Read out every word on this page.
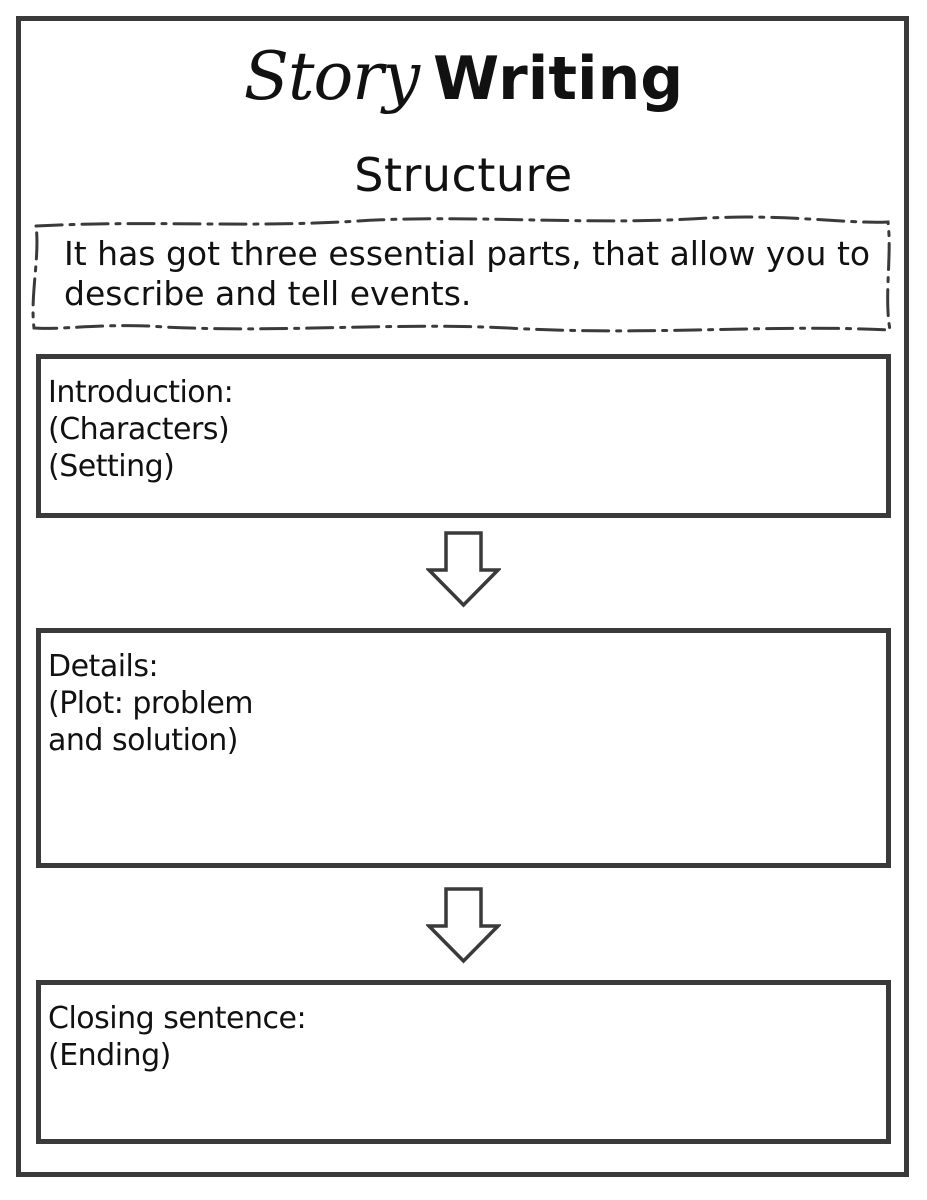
Story Writing
Structure
It has got three essential parts, that allow you to describe and tell events.
Introduction:
(Characters)
(Setting)
Details:
(Plot: problem
and solution)
Closing sentence:
(Ending)
